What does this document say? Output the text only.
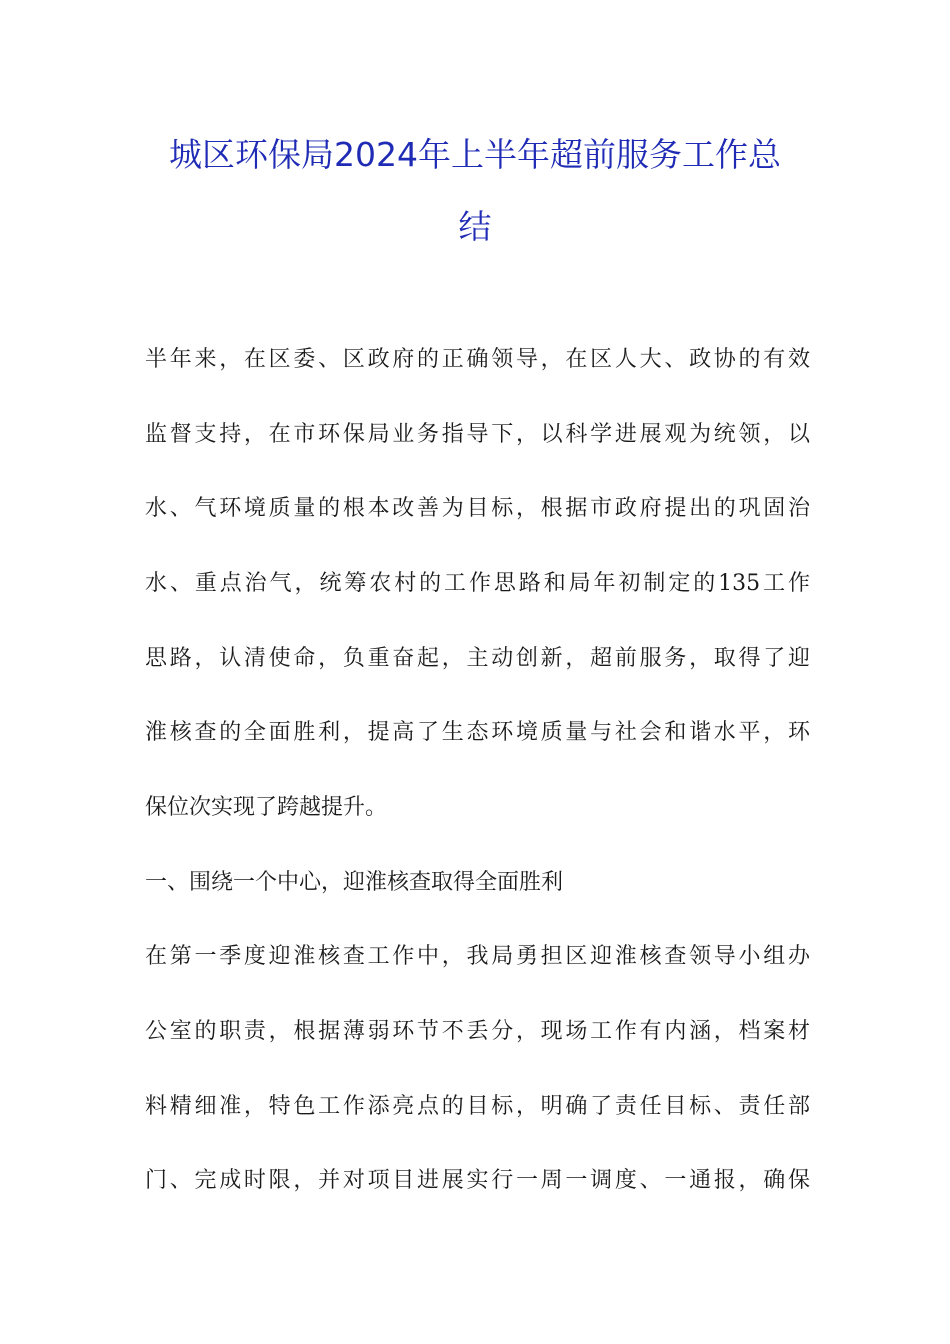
城区环保局2024年上半年超前服务工作总
结
半年来，在区委、区政府的正确领导，在区人大、政协的有效
监督支持，在市环保局业务指导下，以科学进展观为统领，以
水、气环境质量的根本改善为目标，根据市政府提出的巩固治
水、重点治气，统筹农村的工作思路和局年初制定的135工作
思路，认清使命，负重奋起，主动创新，超前服务，取得了迎
淮核查的全面胜利，提高了生态环境质量与社会和谐水平，环
保位次实现了跨越提升。
一、围绕一个中心，迎淮核查取得全面胜利
在第一季度迎淮核查工作中，我局勇担区迎淮核查领导小组办
公室的职责，根据薄弱环节不丢分，现场工作有内涵，档案材
料精细准，特色工作添亮点的目标，明确了责任目标、责任部
门、完成时限，并对项目进展实行一周一调度、一通报，确保
